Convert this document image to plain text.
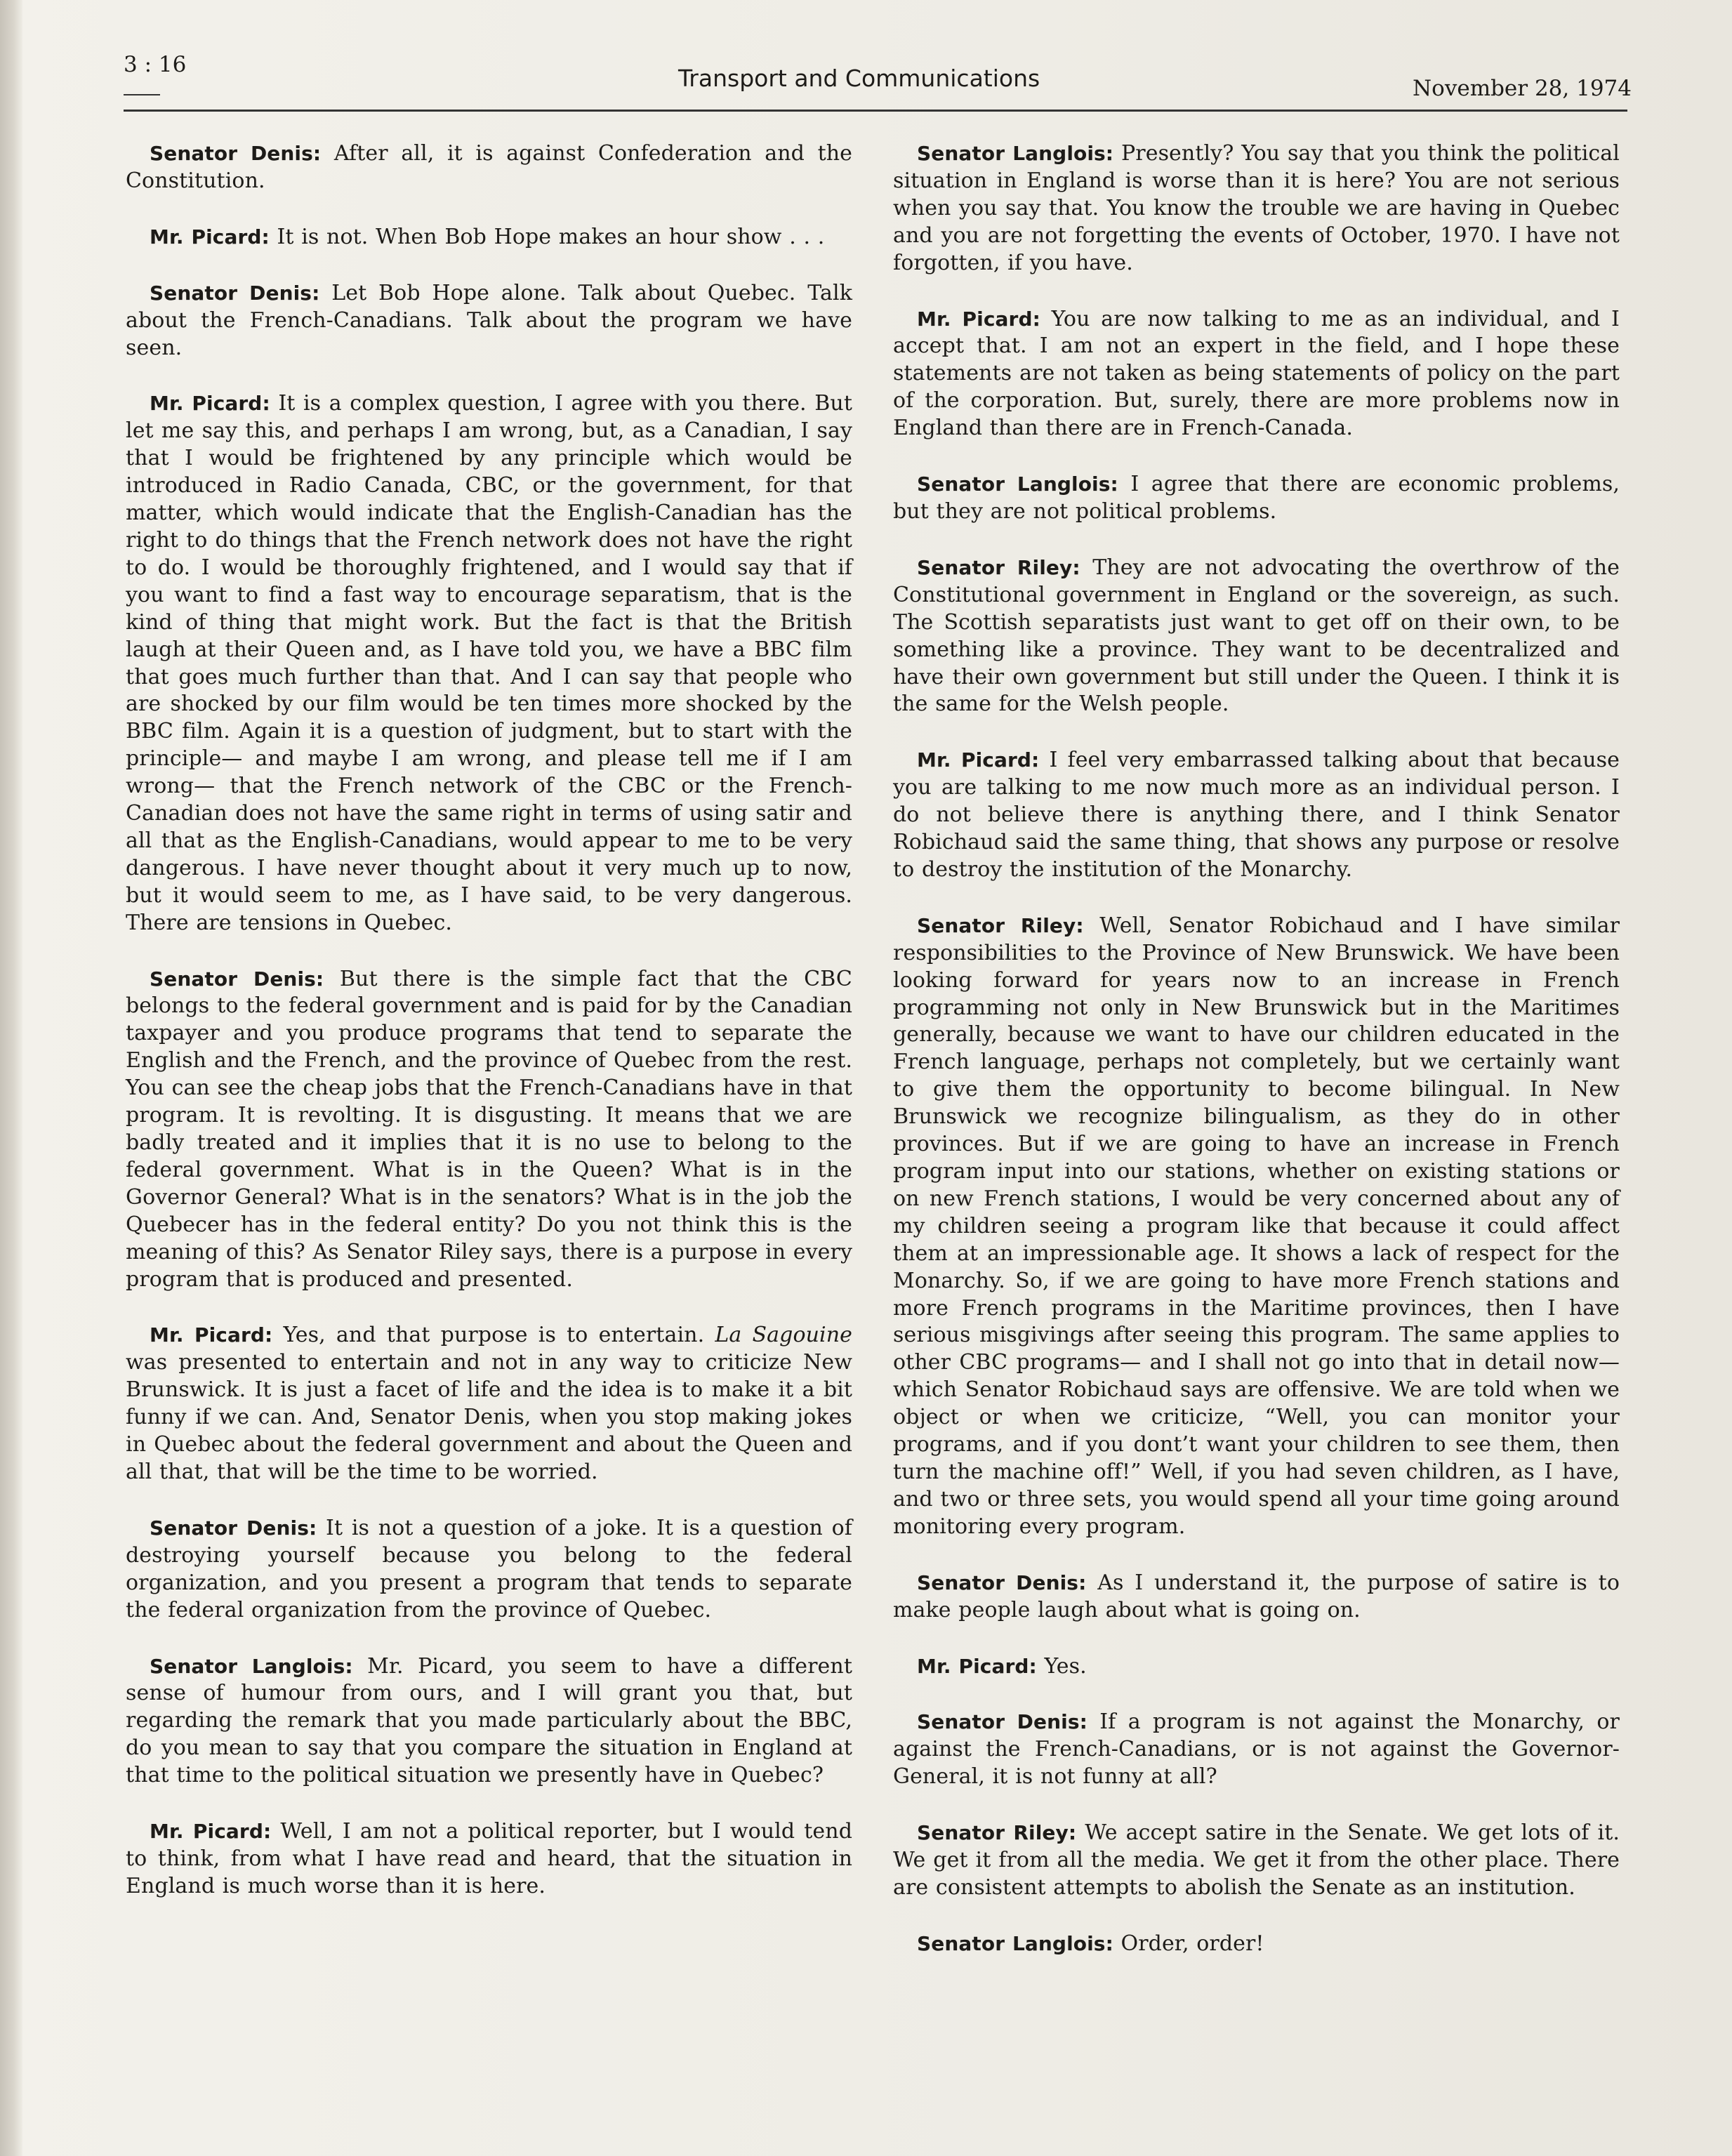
3 : 16	Transport and Communications	November 28, 1974

Senator Denis: After all, it is against Confederation and the Constitution.

Mr. Picard: It is not. When Bob Hope makes an hour show . . .

Senator Denis: Let Bob Hope alone. Talk about Quebec. Talk about the French-Canadians. Talk about the program we have seen.

Mr. Picard: It is a complex question, I agree with you there. But let me say this, and perhaps I am wrong, but, as a Canadian, I say that I would be frightened by any principle which would be introduced in Radio Canada, CBC, or the government, for that matter, which would indicate that the English-Canadian has the right to do things that the French network does not have the right to do. I would be thoroughly frightened, and I would say that if you want to find a fast way to encourage separatism, that is the kind of thing that might work. But the fact is that the British laugh at their Queen and, as I have told you, we have a BBC film that goes much further than that. And I can say that people who are shocked by our film would be ten times more shocked by the BBC film. Again it is a question of judgment, but to start with the principle— and maybe I am wrong, and please tell me if I am wrong— that the French network of the CBC or the French-Canadian does not have the same right in terms of using satir and all that as the English-Canadians, would appear to me to be very dangerous. I have never thought about it very much up to now, but it would seem to me, as I have said, to be very dangerous. There are tensions in Quebec.

Senator Denis: But there is the simple fact that the CBC belongs to the federal government and is paid for by the Canadian taxpayer and you produce programs that tend to separate the English and the French, and the province of Quebec from the rest. You can see the cheap jobs that the French-Canadians have in that program. It is revolting. It is disgusting. It means that we are badly treated and it implies that it is no use to belong to the federal government. What is in the Queen? What is in the Governor General? What is in the senators? What is in the job the Quebecer has in the federal entity? Do you not think this is the meaning of this? As Senator Riley says, there is a purpose in every program that is produced and presented.

Mr. Picard: Yes, and that purpose is to entertain. La Sagouine was presented to entertain and not in any way to criticize New Brunswick. It is just a facet of life and the idea is to make it a bit funny if we can. And, Senator Denis, when you stop making jokes in Quebec about the federal government and about the Queen and all that, that will be the time to be worried.

Senator Denis: It is not a question of a joke. It is a question of destroying yourself because you belong to the federal organization, and you present a program that tends to separate the federal organization from the province of Quebec.

Senator Langlois: Mr. Picard, you seem to have a different sense of humour from ours, and I will grant you that, but regarding the remark that you made particularly about the BBC, do you mean to say that you compare the situation in England at that time to the political situation we presently have in Quebec?

Mr. Picard: Well, I am not a political reporter, but I would tend to think, from what I have read and heard, that the situation in England is much worse than it is here.

Senator Langlois: Presently? You say that you think the political situation in England is worse than it is here? You are not serious when you say that. You know the trouble we are having in Quebec and you are not forgetting the events of October, 1970. I have not forgotten, if you have.

Mr. Picard: You are now talking to me as an individual, and I accept that. I am not an expert in the field, and I hope these statements are not taken as being statements of policy on the part of the corporation. But, surely, there are more problems now in England than there are in French-Canada.

Senator Langlois: I agree that there are economic problems, but they are not political problems.

Senator Riley: They are not advocating the overthrow of the Constitutional government in England or the sovereign, as such. The Scottish separatists just want to get off on their own, to be something like a province. They want to be decentralized and have their own government but still under the Queen. I think it is the same for the Welsh people.

Mr. Picard: I feel very embarrassed talking about that because you are talking to me now much more as an individual person. I do not believe there is anything there, and I think Senator Robichaud said the same thing, that shows any purpose or resolve to destroy the institution of the Monarchy.

Senator Riley: Well, Senator Robichaud and I have similar responsibilities to the Province of New Brunswick. We have been looking forward for years now to an increase in French programming not only in New Brunswick but in the Maritimes generally, because we want to have our children educated in the French language, perhaps not completely, but we certainly want to give them the opportunity to become bilingual. In New Brunswick we recognize bilingualism, as they do in other provinces. But if we are going to have an increase in French program input into our stations, whether on existing stations or on new French stations, I would be very concerned about any of my children seeing a program like that because it could affect them at an impressionable age. It shows a lack of respect for the Monarchy. So, if we are going to have more French stations and more French programs in the Maritime provinces, then I have serious misgivings after seeing this program. The same applies to other CBC programs— and I shall not go into that in detail now—which Senator Robichaud says are offensive. We are told when we object or when we criticize, “Well, you can monitor your programs, and if you dont’t want your children to see them, then turn the machine off!” Well, if you had seven children, as I have, and two or three sets, you would spend all your time going around monitoring every program.

Senator Denis: As I understand it, the purpose of satire is to make people laugh about what is going on.

Mr. Picard: Yes.

Senator Denis: If a program is not against the Monarchy, or against the French-Canadians, or is not against the Governor-General, it is not funny at all?

Senator Riley: We accept satire in the Senate. We get lots of it. We get it from all the media. We get it from the other place. There are consistent attempts to abolish the Senate as an institution.

Senator Langlois: Order, order!
